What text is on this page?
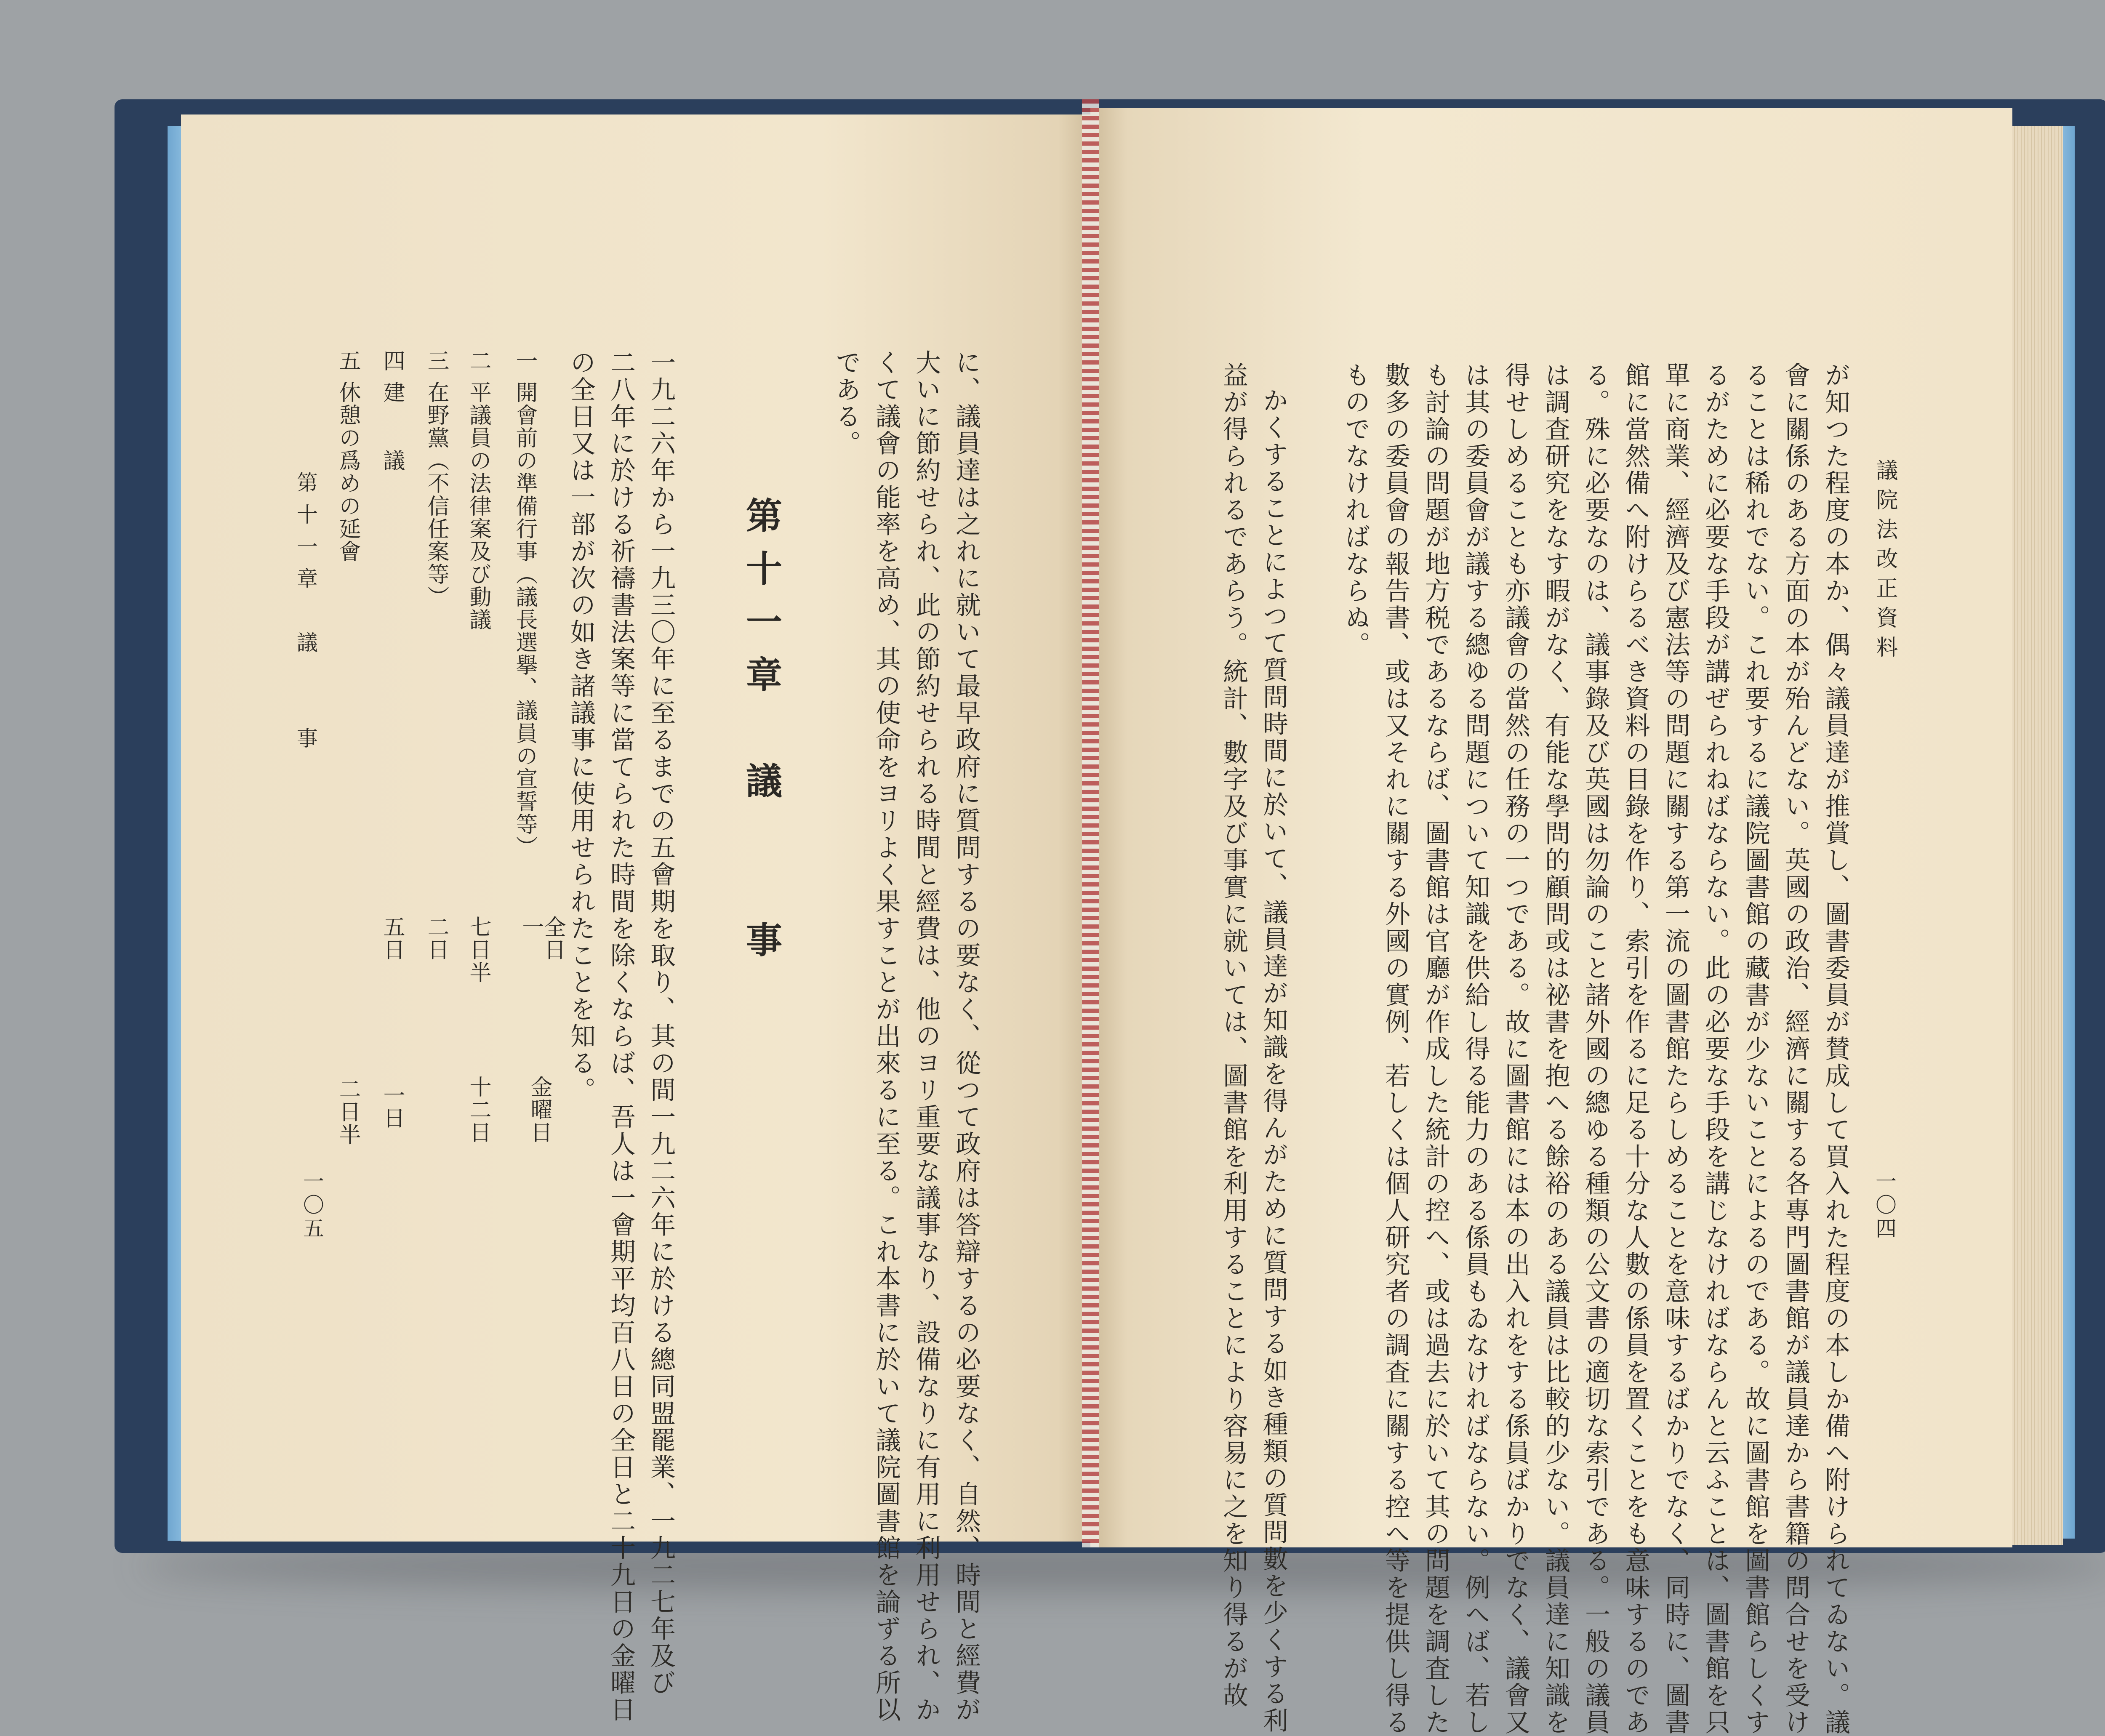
議院法改正資料
一〇四
が知つた程度の本か、偶々議員達が推賞し、圖書委員が賛成して買入れた程度の本しか備へ附けられてゐない。議
會に關係のある方面の本が殆んどない。英國の政治、經濟に關する各專門圖書館が議員達から書籍の問合せを受け
ることは稀れでない。これ要するに議院圖書館の藏書が少ないことによるのである。故に圖書館を圖書館らしくす
るがために必要な手段が講ぜられねばならない。此の必要な手段を講じなければならんと云ふことは、圖書館を只
單に商業、經濟及び憲法等の問題に關する第一流の圖書館たらしめることを意味するばかりでなく、同時に、圖書
館に當然備へ附けらるべき資料の目錄を作り、索引を作るに足る十分な人數の係員を置くことをも意味するのであ
る。殊に必要なのは、議事錄及び英國は勿論のこと諸外國の總ゆる種類の公文書の適切な索引である。一般の議員
は調査研究をなす暇がなく、有能な學問的顧問或は祕書を抱へる餘裕のある議員は比較的少ない。議員達に知識を
得せしめることも亦議會の當然の任務の一つである。故に圖書館には本の出入れをする係員ばかりでなく、議會又
は其の委員會が議する總ゆる問題について知識を供給し得る能力のある係員もゐなければならない。例へば、若し
も討論の問題が地方税であるならば、圖書館は官廳が作成した統計の控へ、或は過去に於いて其の問題を調査した
數多の委員會の報告書、或は又それに關する外國の實例、若しくは個人研究者の調査に關する控へ等を提供し得る
ものでなければならぬ。
かくすることによつて質問時間に於いて、議員達が知識を得んがために質問する如き種類の質問數を少くする利
益が得られるであらう。統計、數字及び事實に就いては、圖書館を利用することにより容易に之を知り得るが故
に、議員達は之れに就いて最早政府に質問するの要なく、從つて政府は答辯するの必要なく、自然、時間と經費が
大いに節約せられ、此の節約せられる時間と經費は、他のヨリ重要な議事なり、設備なりに有用に利用せられ、か
くて議會の能率を高め、其の使命をヨリよく果すことが出來るに至る。これ本書に於いて議院圖書館を論ずる所以
である。
第十一章　議　　事
一九二六年から一九三〇年に至るまでの五會期を取り、其の間一九二六年に於ける總同盟罷業、一九二七年及び
二八年に於ける祈禱書法案等に當てられた時間を除くならば、吾人は一會期平均百八日の全日と二十九日の金曜日
の全日又は一部が次の如き諸議事に使用せられたことを知る。
一
開會前の準備行事（議長選擧、議員の宣誓等）
全日
一
金曜日
二
平議員の法律案及び動議
七日半
十二日
三
在野黨（不信任案等）
二日
四
建　　議
五日
一日
五
休憩の爲めの延會
二日半
第十一章　議　　事
一〇五
